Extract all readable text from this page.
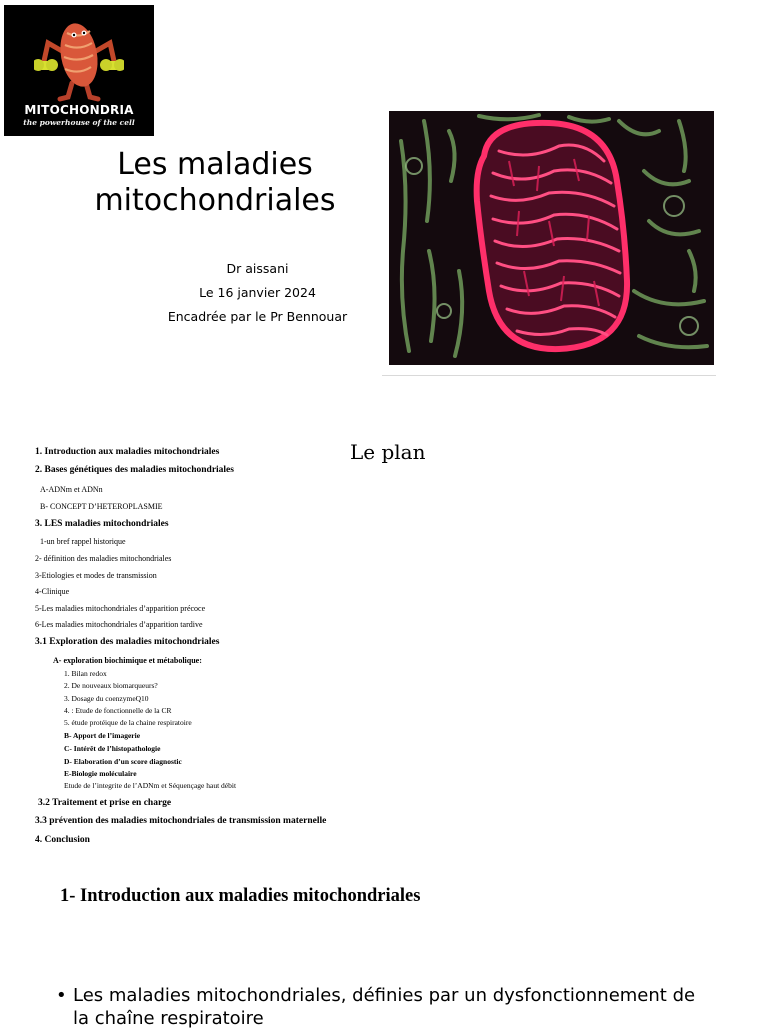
MITOCHONDRIA
the powerhouse of the cell
Les maladies mitochondriales
Dr aissani
Le 16 janvier 2024
Encadrée par le Pr Bennouar
Le plan
1. Introduction aux maladies mitochondriales
2. Bases génétiques des maladies mitochondriales
A-ADNm et ADNn
B- CONCEPT D’HETEROPLASMIE
3. LES maladies mitochondriales
1-un bref rappel historique
2- définition des maladies mitochondriales
3-Etiologies et modes de transmission
4-Clinique
5-Les maladies mitochondriales d’apparition précoce
6-Les maladies mitochondriales d’apparition tardive
3.1 Exploration des maladies mitochondriales
A- exploration biochimique et métabolique:
1. Bilan redox
2. De nouveaux biomarqueurs?
3. Dosage du coenzymeQ10
4. : Etude de fonctionnelle de la CR
5. étude protéique de la chaine respiratoire
B- Apport de l’imagerie
C- Intérêt de l’histopathologie
D- Elaboration d’un score diagnostic
E-Biologie moléculaire
Etude de l’integrite de l’ADNm et Séquençage haut débit
3.2 Traitement et prise en charge
3.3 prévention des maladies mitochondriales de transmission maternelle
4. Conclusion
1- Introduction aux maladies mitochondriales
• Les maladies mitochondriales, définies par un dysfonctionnement de la chaîne respiratoire
